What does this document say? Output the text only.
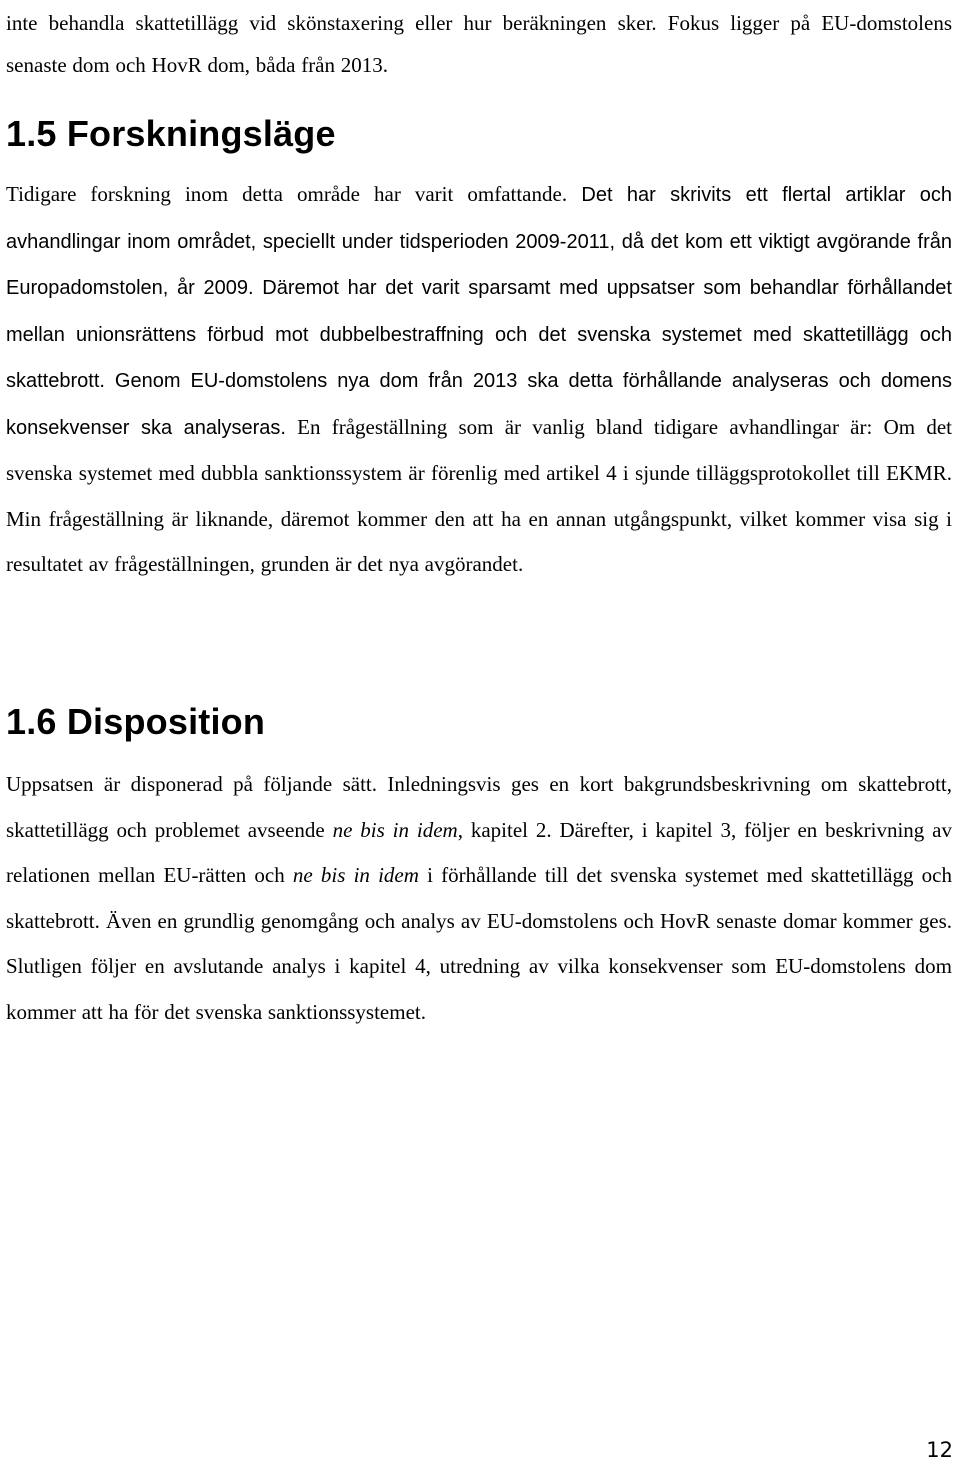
inte behandla skattetillägg vid skönstaxering eller hur beräkningen sker. Fokus ligger på EU-domstolens senaste dom och HovR dom, båda från 2013.

1.5 Forskningsläge

Tidigare forskning inom detta område har varit omfattande. Det har skrivits ett flertal artiklar och avhandlingar inom området, speciellt under tidsperioden 2009-2011, då det kom ett viktigt avgörande från Europadomstolen, år 2009. Däremot har det varit sparsamt med uppsatser som behandlar förhållandet mellan unionsrättens förbud mot dubbelbestraffning och det svenska systemet med skattetillägg och skattebrott. Genom EU-domstolens nya dom från 2013 ska detta förhållande analyseras och domens konsekvenser ska analyseras. En frågeställning som är vanlig bland tidigare avhandlingar är: Om det svenska systemet med dubbla sanktionssystem är förenlig med artikel 4 i sjunde tilläggsprotokollet till EKMR. Min frågeställning är liknande, däremot kommer den att ha en annan utgångspunkt, vilket kommer visa sig i resultatet av frågeställningen, grunden är det nya avgörandet.

1.6 Disposition

Uppsatsen är disponerad på följande sätt. Inledningsvis ges en kort bakgrundsbeskrivning om skattebrott, skattetillägg och problemet avseende ne bis in idem, kapitel 2. Därefter, i kapitel 3, följer en beskrivning av relationen mellan EU-rätten och ne bis in idem i förhållande till det svenska systemet med skattetillägg och skattebrott. Även en grundlig genomgång och analys av EU-domstolens och HovR senaste domar kommer ges. Slutligen följer en avslutande analys i kapitel 4, utredning av vilka konsekvenser som EU-domstolens dom kommer att ha för det svenska sanktionssystemet.

12
